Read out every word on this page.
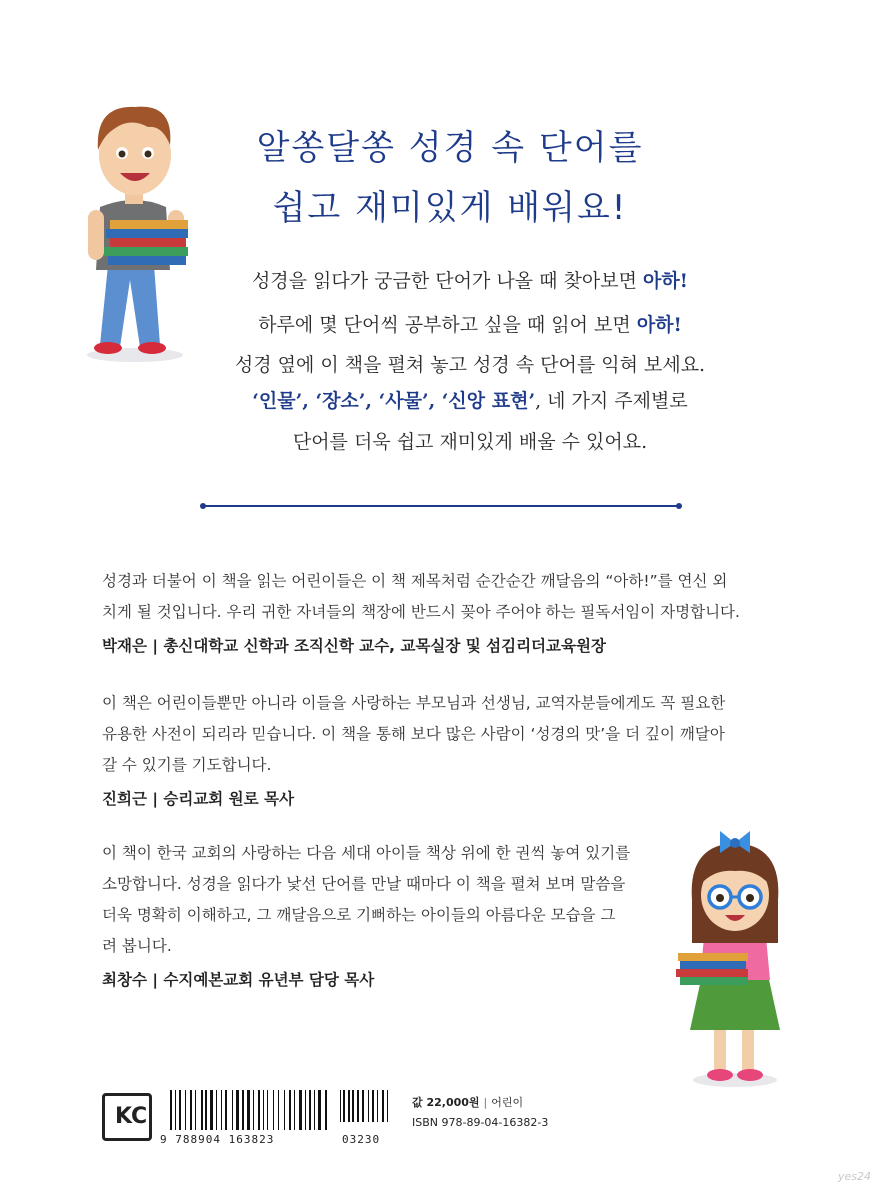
알쏭달쏭 성경 속 단어를
쉽고 재미있게 배워요!
성경을 읽다가 궁금한 단어가 나올 때 찾아보면 아하!
하루에 몇 단어씩 공부하고 싶을 때 읽어 보면 아하!
성경 옆에 이 책을 펼쳐 놓고 성경 속 단어를 익혀 보세요.
‘인물’, ‘장소’, ‘사물’, ‘신앙 표현’, 네 가지 주제별로
단어를 더욱 쉽고 재미있게 배울 수 있어요.

성경과 더불어 이 책을 읽는 어린이들은 이 책 제목처럼 순간순간 깨달음의 “아하!”를 연신 외

치게 될 것입니다. 우리 귀한 자녀들의 책장에 반드시 꽂아 주어야 하는 필독서임이 자명합니다.

박재은 | 총신대학교 신학과 조직신학 교수, 교목실장 및 섬김리더교육원장

이 책은 어린이들뿐만 아니라 이들을 사랑하는 부모님과 선생님, 교역자분들에게도 꼭 필요한

유용한 사전이 되리라 믿습니다. 이 책을 통해 보다 많은 사람이 ‘성경의 맛’을 더 깊이 깨달아

갈 수 있기를 기도합니다.

진희근 | 승리교회 원로 목사

이 책이 한국 교회의 사랑하는 다음 세대 아이들 책상 위에 한 권씩 놓여 있기를

소망합니다. 성경을 읽다가 낯선 단어를 만날 때마다 이 책을 펼쳐 보며 말씀을

더욱 명확히 이해하고, 그 깨달음으로 기뻐하는 아이들의 아름다운 모습을 그

려 봅니다.

최창수 | 수지예본교회 유년부 담당 목사

KC
9 788904 163823	03230
값 22,000원 | 어린이
ISBN 978-89-04-16382-3
yes24
